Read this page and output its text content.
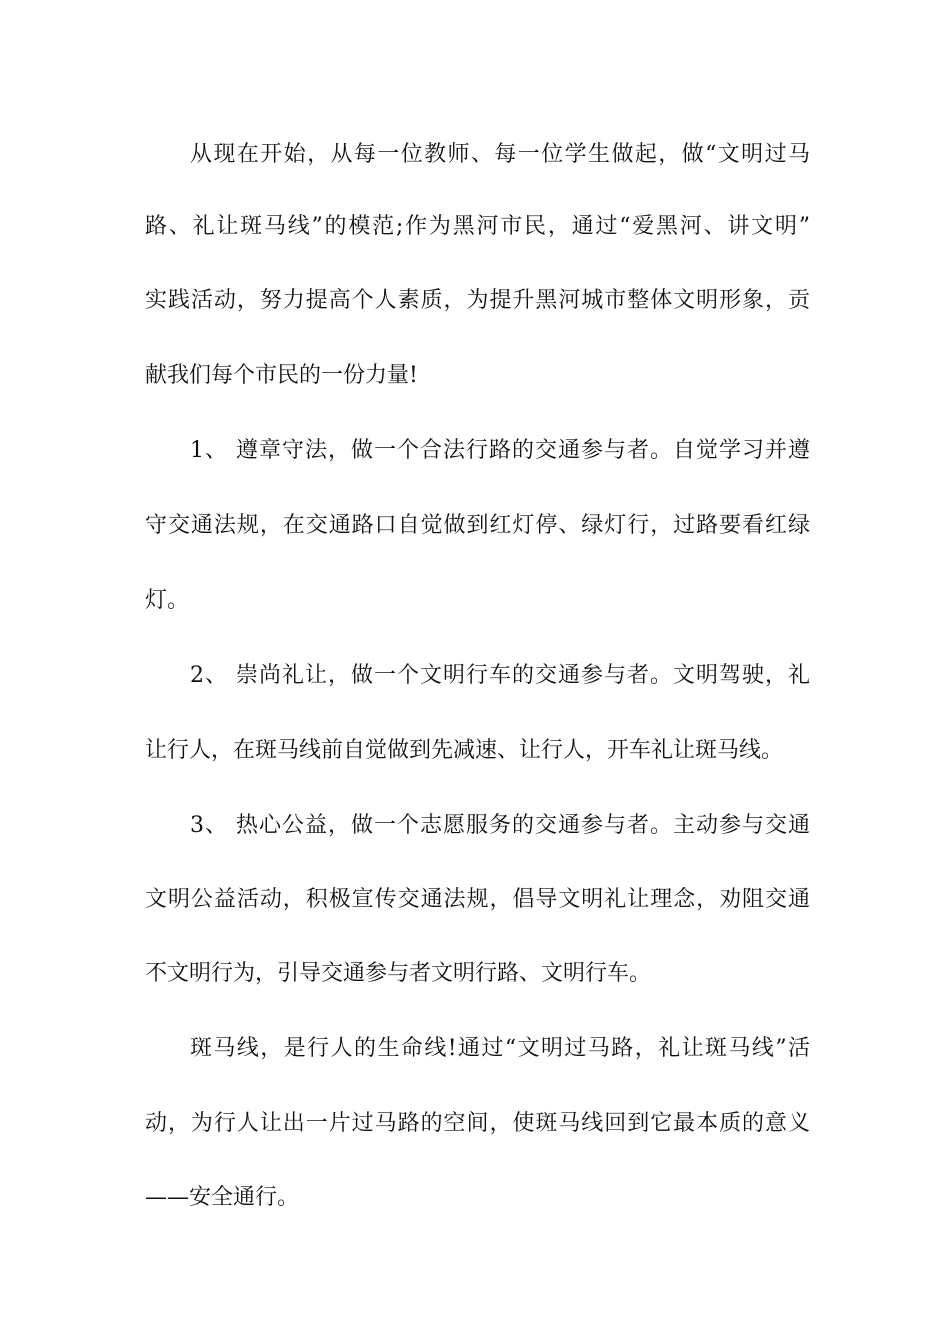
从现在开始，从每一位教师、每一位学生做起，做“文明过马
路、礼让斑马线”的模范;作为黑河市民，通过“爱黑河、讲文明”
实践活动，努力提高个人素质，为提升黑河城市整体文明形象，贡
献我们每个市民的一份力量!
1、 遵章守法，做一个合法行路的交通参与者。自觉学习并遵
守交通法规，在交通路口自觉做到红灯停、绿灯行，过路要看红绿
灯。
2、 崇尚礼让，做一个文明行车的交通参与者。文明驾驶，礼
让行人，在斑马线前自觉做到先减速、让行人，开车礼让斑马线。
3、 热心公益，做一个志愿服务的交通参与者。主动参与交通
文明公益活动，积极宣传交通法规，倡导文明礼让理念，劝阻交通
不文明行为，引导交通参与者文明行路、文明行车。
斑马线，是行人的生命线!通过“文明过马路，礼让斑马线”活
动，为行人让出一片过马路的空间，使斑马线回到它最本质的意义
——安全通行。
